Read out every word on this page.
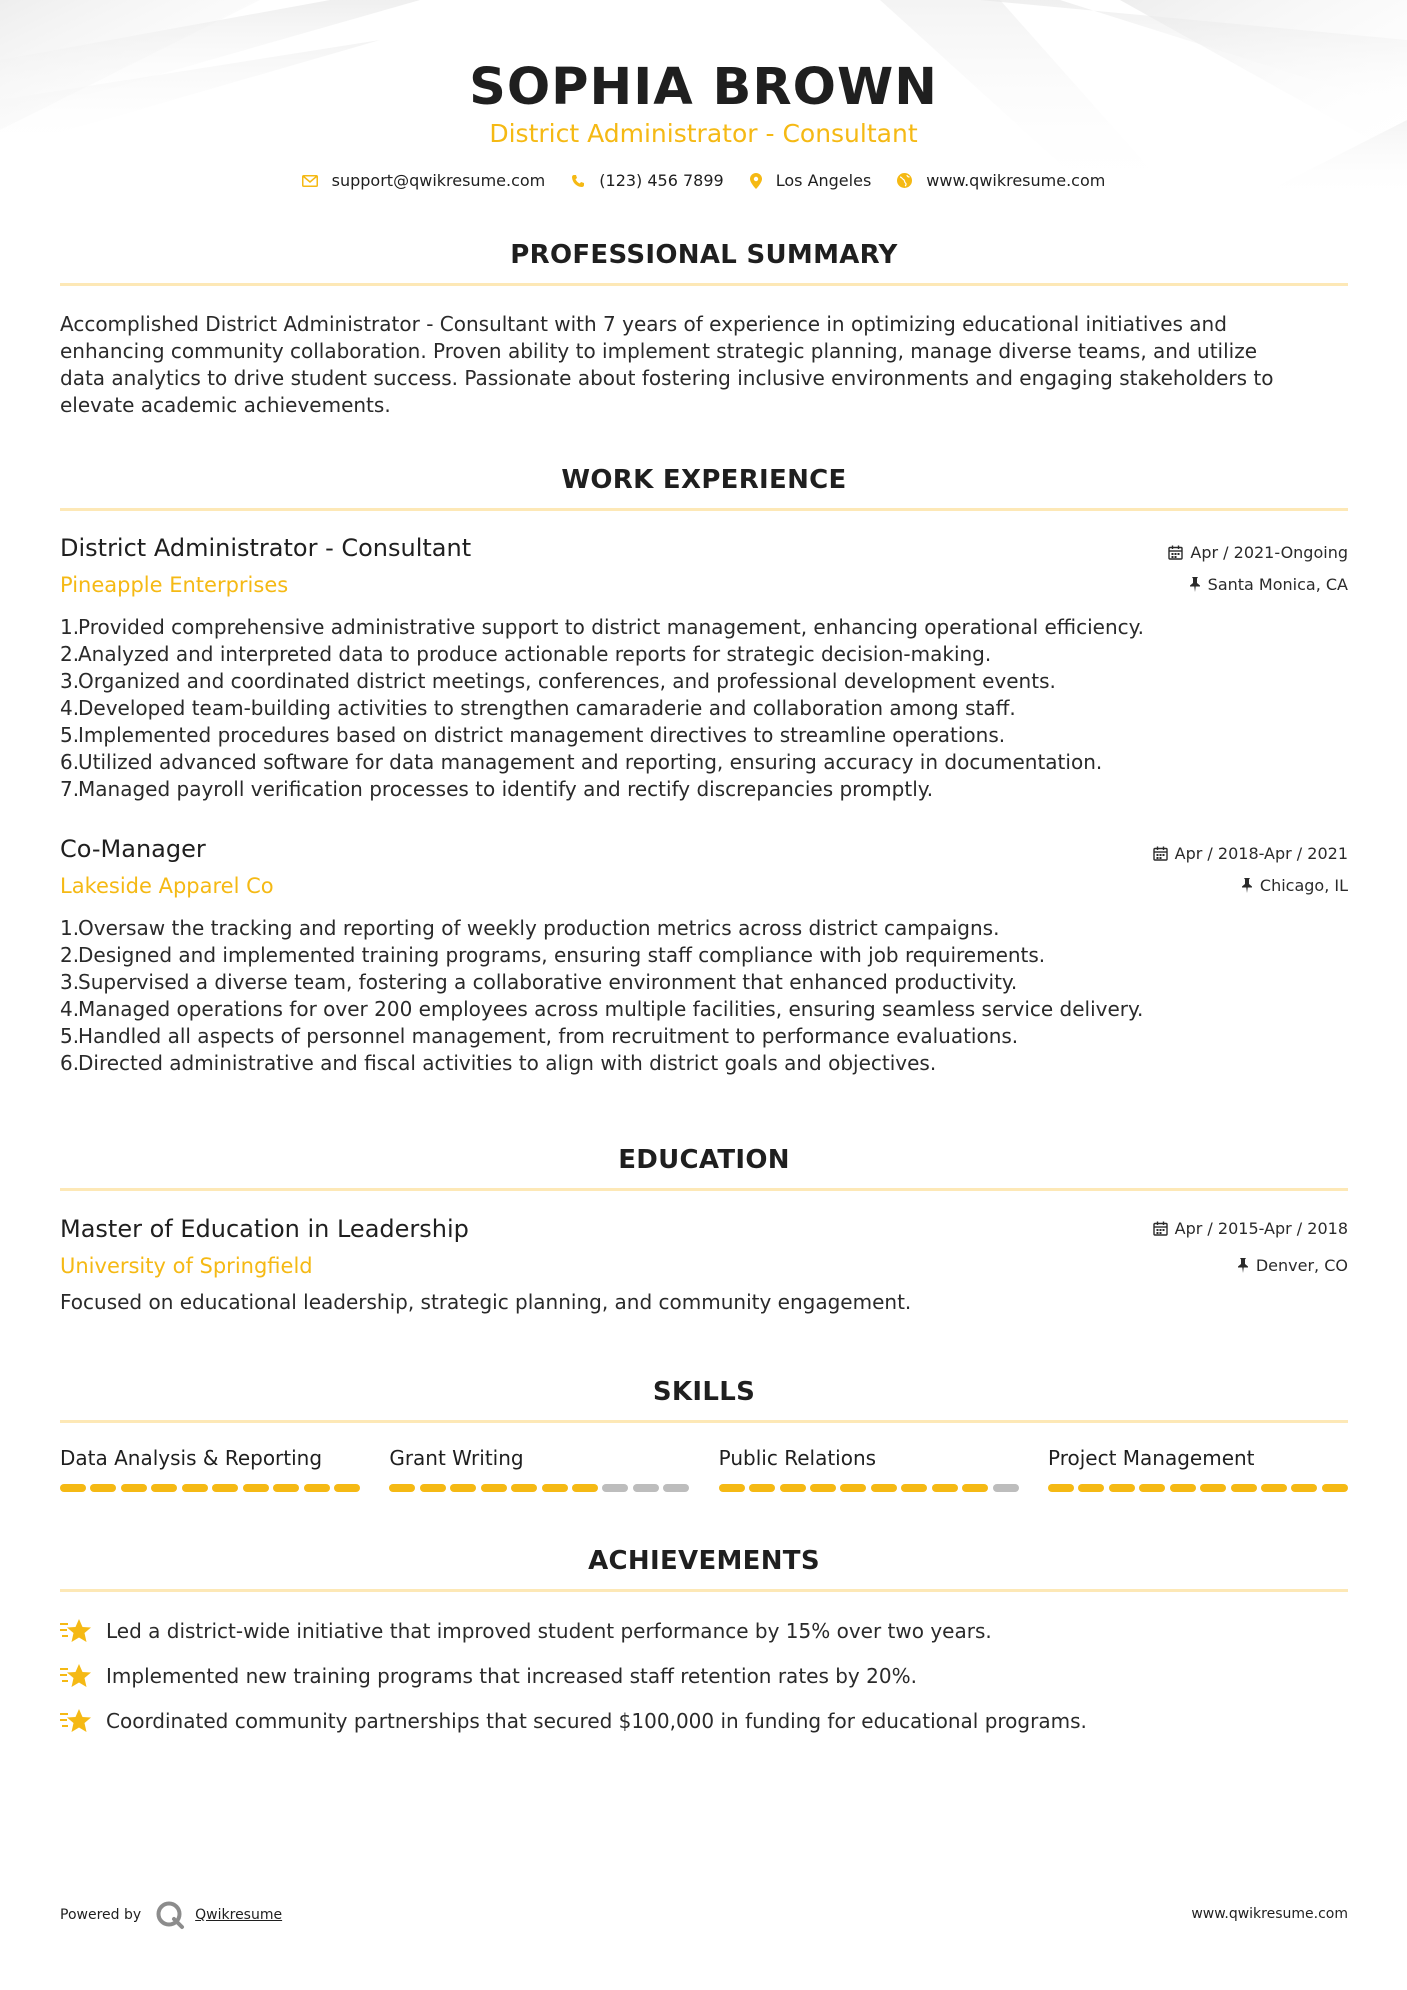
SOPHIA BROWN
District Administrator - Consultant
support@qwikresume.com	(123) 456 7899	Los Angeles	www.qwikresume.com
PROFESSIONAL SUMMARY
Accomplished District Administrator - Consultant with 7 years of experience in optimizing educational initiatives and
enhancing community collaboration. Proven ability to implement strategic planning, manage diverse teams, and utilize
data analytics to drive student success. Passionate about fostering inclusive environments and engaging stakeholders to
elevate academic achievements.
WORK EXPERIENCE
District Administrator - Consultant
Pineapple Enterprises
Apr / 2021-Ongoing
Santa Monica, CA
1.
Provided comprehensive administrative support to district management, enhancing operational efficiency.
2.
Analyzed and interpreted data to produce actionable reports for strategic decision-making.
3.
Organized and coordinated district meetings, conferences, and professional development events.
4.
Developed team-building activities to strengthen camaraderie and collaboration among staff.
5.
Implemented procedures based on district management directives to streamline operations.
6.
Utilized advanced software for data management and reporting, ensuring accuracy in documentation.
7.
Managed payroll verification processes to identify and rectify discrepancies promptly.
Co-Manager
Lakeside Apparel Co
Apr / 2018-Apr / 2021
Chicago, IL
1.
Oversaw the tracking and reporting of weekly production metrics across district campaigns.
2.
Designed and implemented training programs, ensuring staff compliance with job requirements.
3.
Supervised a diverse team, fostering a collaborative environment that enhanced productivity.
4.
Managed operations for over 200 employees across multiple facilities, ensuring seamless service delivery.
5.
Handled all aspects of personnel management, from recruitment to performance evaluations.
6.
Directed administrative and fiscal activities to align with district goals and objectives.
EDUCATION
Master of Education in Leadership
University of Springfield
Apr / 2015-Apr / 2018
Denver, CO
Focused on educational leadership, strategic planning, and community engagement.
SKILLS
Data Analysis & Reporting	Grant Writing	Public Relations	Project Management
ACHIEVEMENTS
Led a district-wide initiative that improved student performance by 15% over two years.
Implemented new training programs that increased staff retention rates by 20%.
Coordinated community partnerships that secured $100,000 in funding for educational programs.
Powered by	Qwikresume	www.qwikresume.com
